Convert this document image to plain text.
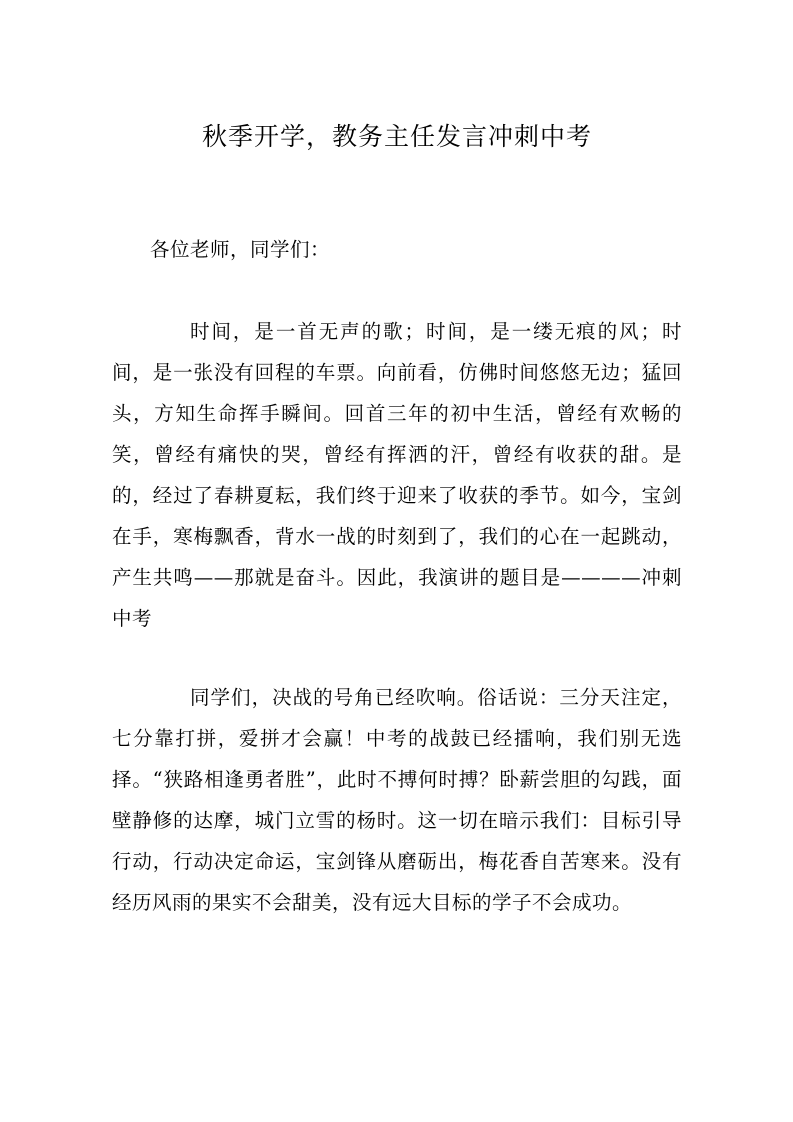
秋季开学，教务主任发言冲刺中考

各位老师，同学们：

时间，是一首无声的歌；时间，是一缕无痕的风；时间，是一张没有回程的车票。向前看，仿佛时间悠悠无边；猛回头，方知生命挥手瞬间。回首三年的初中生活，曾经有欢畅的笑，曾经有痛快的哭，曾经有挥洒的汗，曾经有收获的甜。是的，经过了春耕夏耘，我们终于迎来了收获的季节。如今，宝剑在手，寒梅飘香，背水一战的时刻到了，我们的心在一起跳动，产生共鸣——那就是奋斗。因此，我演讲的题目是————冲刺中考

同学们，决战的号角已经吹响。俗话说：三分天注定，七分靠打拼，爱拼才会赢！中考的战鼓已经擂响，我们别无选择。“狭路相逢勇者胜”，此时不搏何时搏？卧薪尝胆的勾践，面壁静修的达摩，城门立雪的杨时。这一切在暗示我们：目标引导行动，行动决定命运，宝剑锋从磨砺出，梅花香自苦寒来。没有经历风雨的果实不会甜美，没有远大目标的学子不会成功。
